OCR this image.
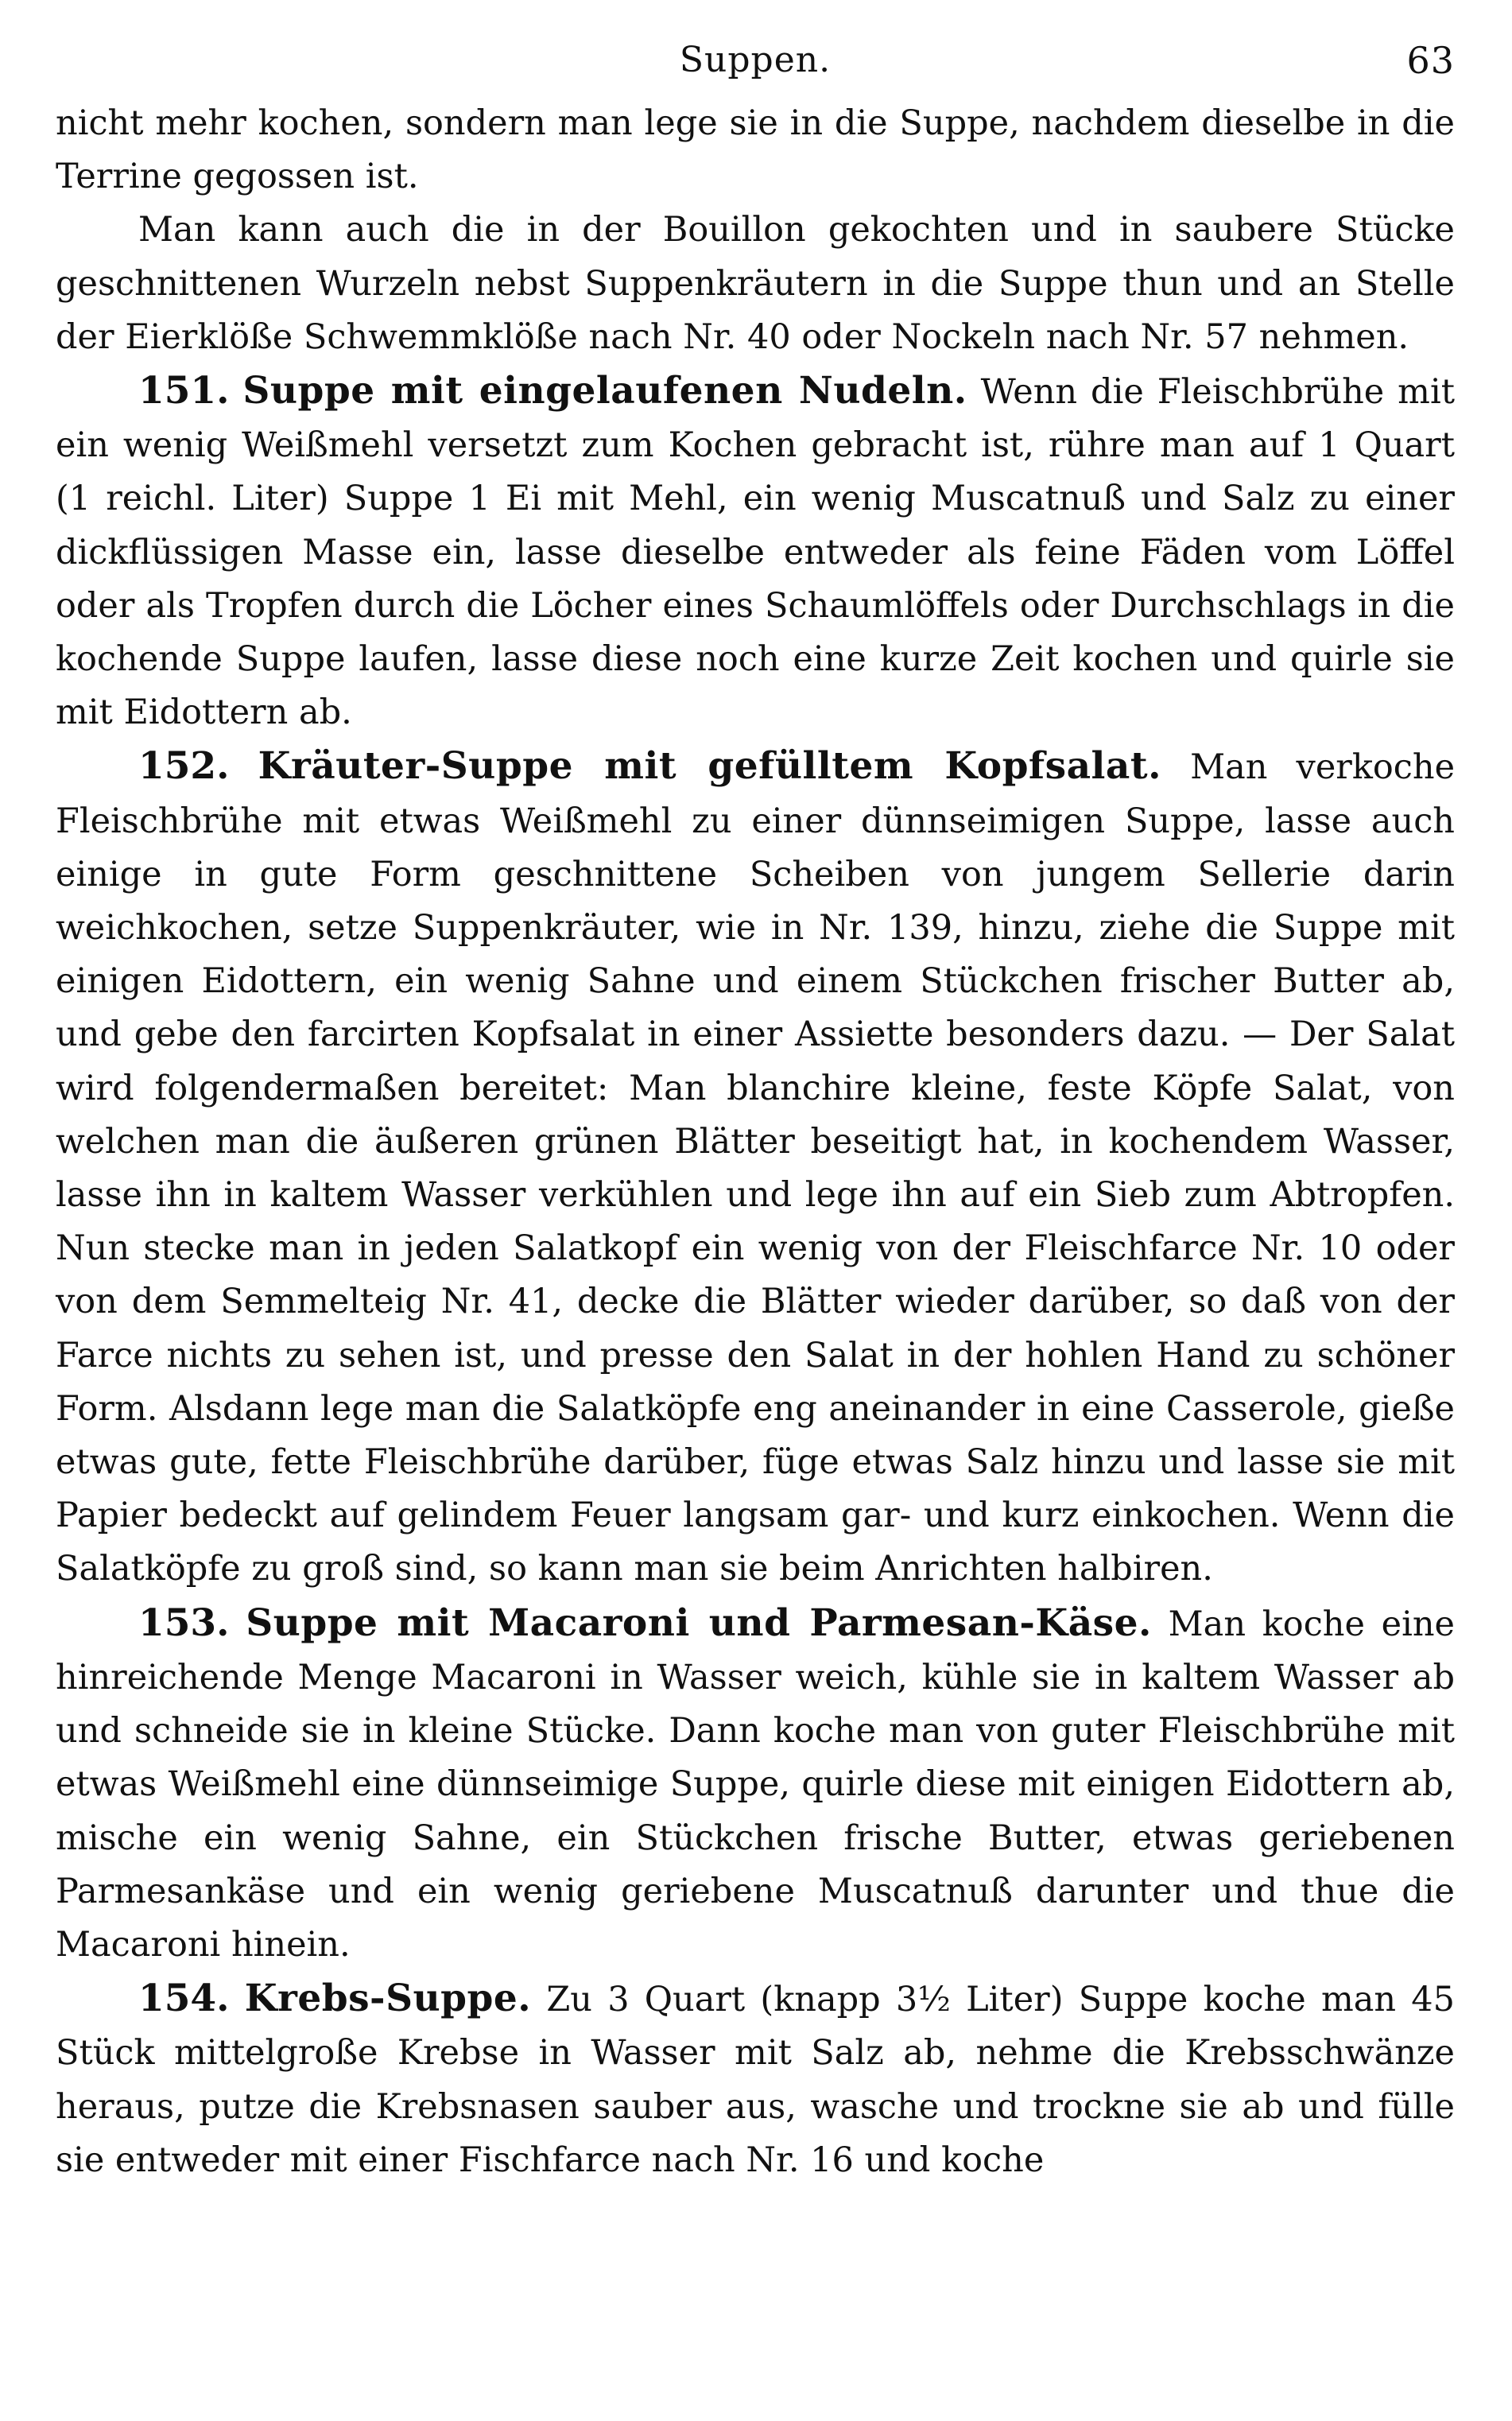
Suppen.	63

nicht mehr kochen, sondern man lege sie in die Suppe, nachdem dieselbe in die Terrine gegossen ist.

Man kann auch die in der Bouillon gekochten und in saubere Stücke geschnittenen Wurzeln nebst Suppenkräutern in die Suppe thun und an Stelle der Eierklöße Schwemmklöße nach Nr. 40 oder Nockeln nach Nr. 57 nehmen.

151. Suppe mit eingelaufenen Nudeln. Wenn die Fleischbrühe mit ein wenig Weißmehl versetzt zum Kochen gebracht ist, rühre man auf 1 Quart (1 reichl. Liter) Suppe 1 Ei mit Mehl, ein wenig Muscatnuß und Salz zu einer dickflüssigen Masse ein, lasse dieselbe entweder als feine Fäden vom Löffel oder als Tropfen durch die Löcher eines Schaumlöffels oder Durchschlags in die kochende Suppe laufen, lasse diese noch eine kurze Zeit kochen und quirle sie mit Eidottern ab.

152. Kräuter-Suppe mit gefülltem Kopfsalat. Man verkoche Fleischbrühe mit etwas Weißmehl zu einer dünnseimigen Suppe, lasse auch einige in gute Form geschnittene Scheiben von jungem Sellerie darin weichkochen, setze Suppenkräuter, wie in Nr. 139, hinzu, ziehe die Suppe mit einigen Eidottern, ein wenig Sahne und einem Stückchen frischer Butter ab, und gebe den farcirten Kopfsalat in einer Assiette besonders dazu. — Der Salat wird folgendermaßen bereitet: Man blanchire kleine, feste Köpfe Salat, von welchen man die äußeren grünen Blätter beseitigt hat, in kochendem Wasser, lasse ihn in kaltem Wasser verkühlen und lege ihn auf ein Sieb zum Abtropfen. Nun stecke man in jeden Salatkopf ein wenig von der Fleischfarce Nr. 10 oder von dem Semmelteig Nr. 41, decke die Blätter wieder darüber, so daß von der Farce nichts zu sehen ist, und presse den Salat in der hohlen Hand zu schöner Form. Alsdann lege man die Salatköpfe eng aneinander in eine Casserole, gieße etwas gute, fette Fleischbrühe darüber, füge etwas Salz hinzu und lasse sie mit Papier bedeckt auf gelindem Feuer langsam gar- und kurz einkochen. Wenn die Salatköpfe zu groß sind, so kann man sie beim Anrichten halbiren.

153. Suppe mit Macaroni und Parmesan-Käse. Man koche eine hinreichende Menge Macaroni in Wasser weich, kühle sie in kaltem Wasser ab und schneide sie in kleine Stücke. Dann koche man von guter Fleischbrühe mit etwas Weißmehl eine dünnseimige Suppe, quirle diese mit einigen Eidottern ab, mische ein wenig Sahne, ein Stückchen frische Butter, etwas geriebenen Parmesankäse und ein wenig geriebene Muscatnuß darunter und thue die Macaroni hinein.

154. Krebs-Suppe. Zu 3 Quart (knapp 3½ Liter) Suppe koche man 45 Stück mittelgroße Krebse in Wasser mit Salz ab, nehme die Krebsschwänze heraus, putze die Krebsnasen sauber aus, wasche und trockne sie ab und fülle sie entweder mit einer Fischfarce nach Nr. 16 und koche
